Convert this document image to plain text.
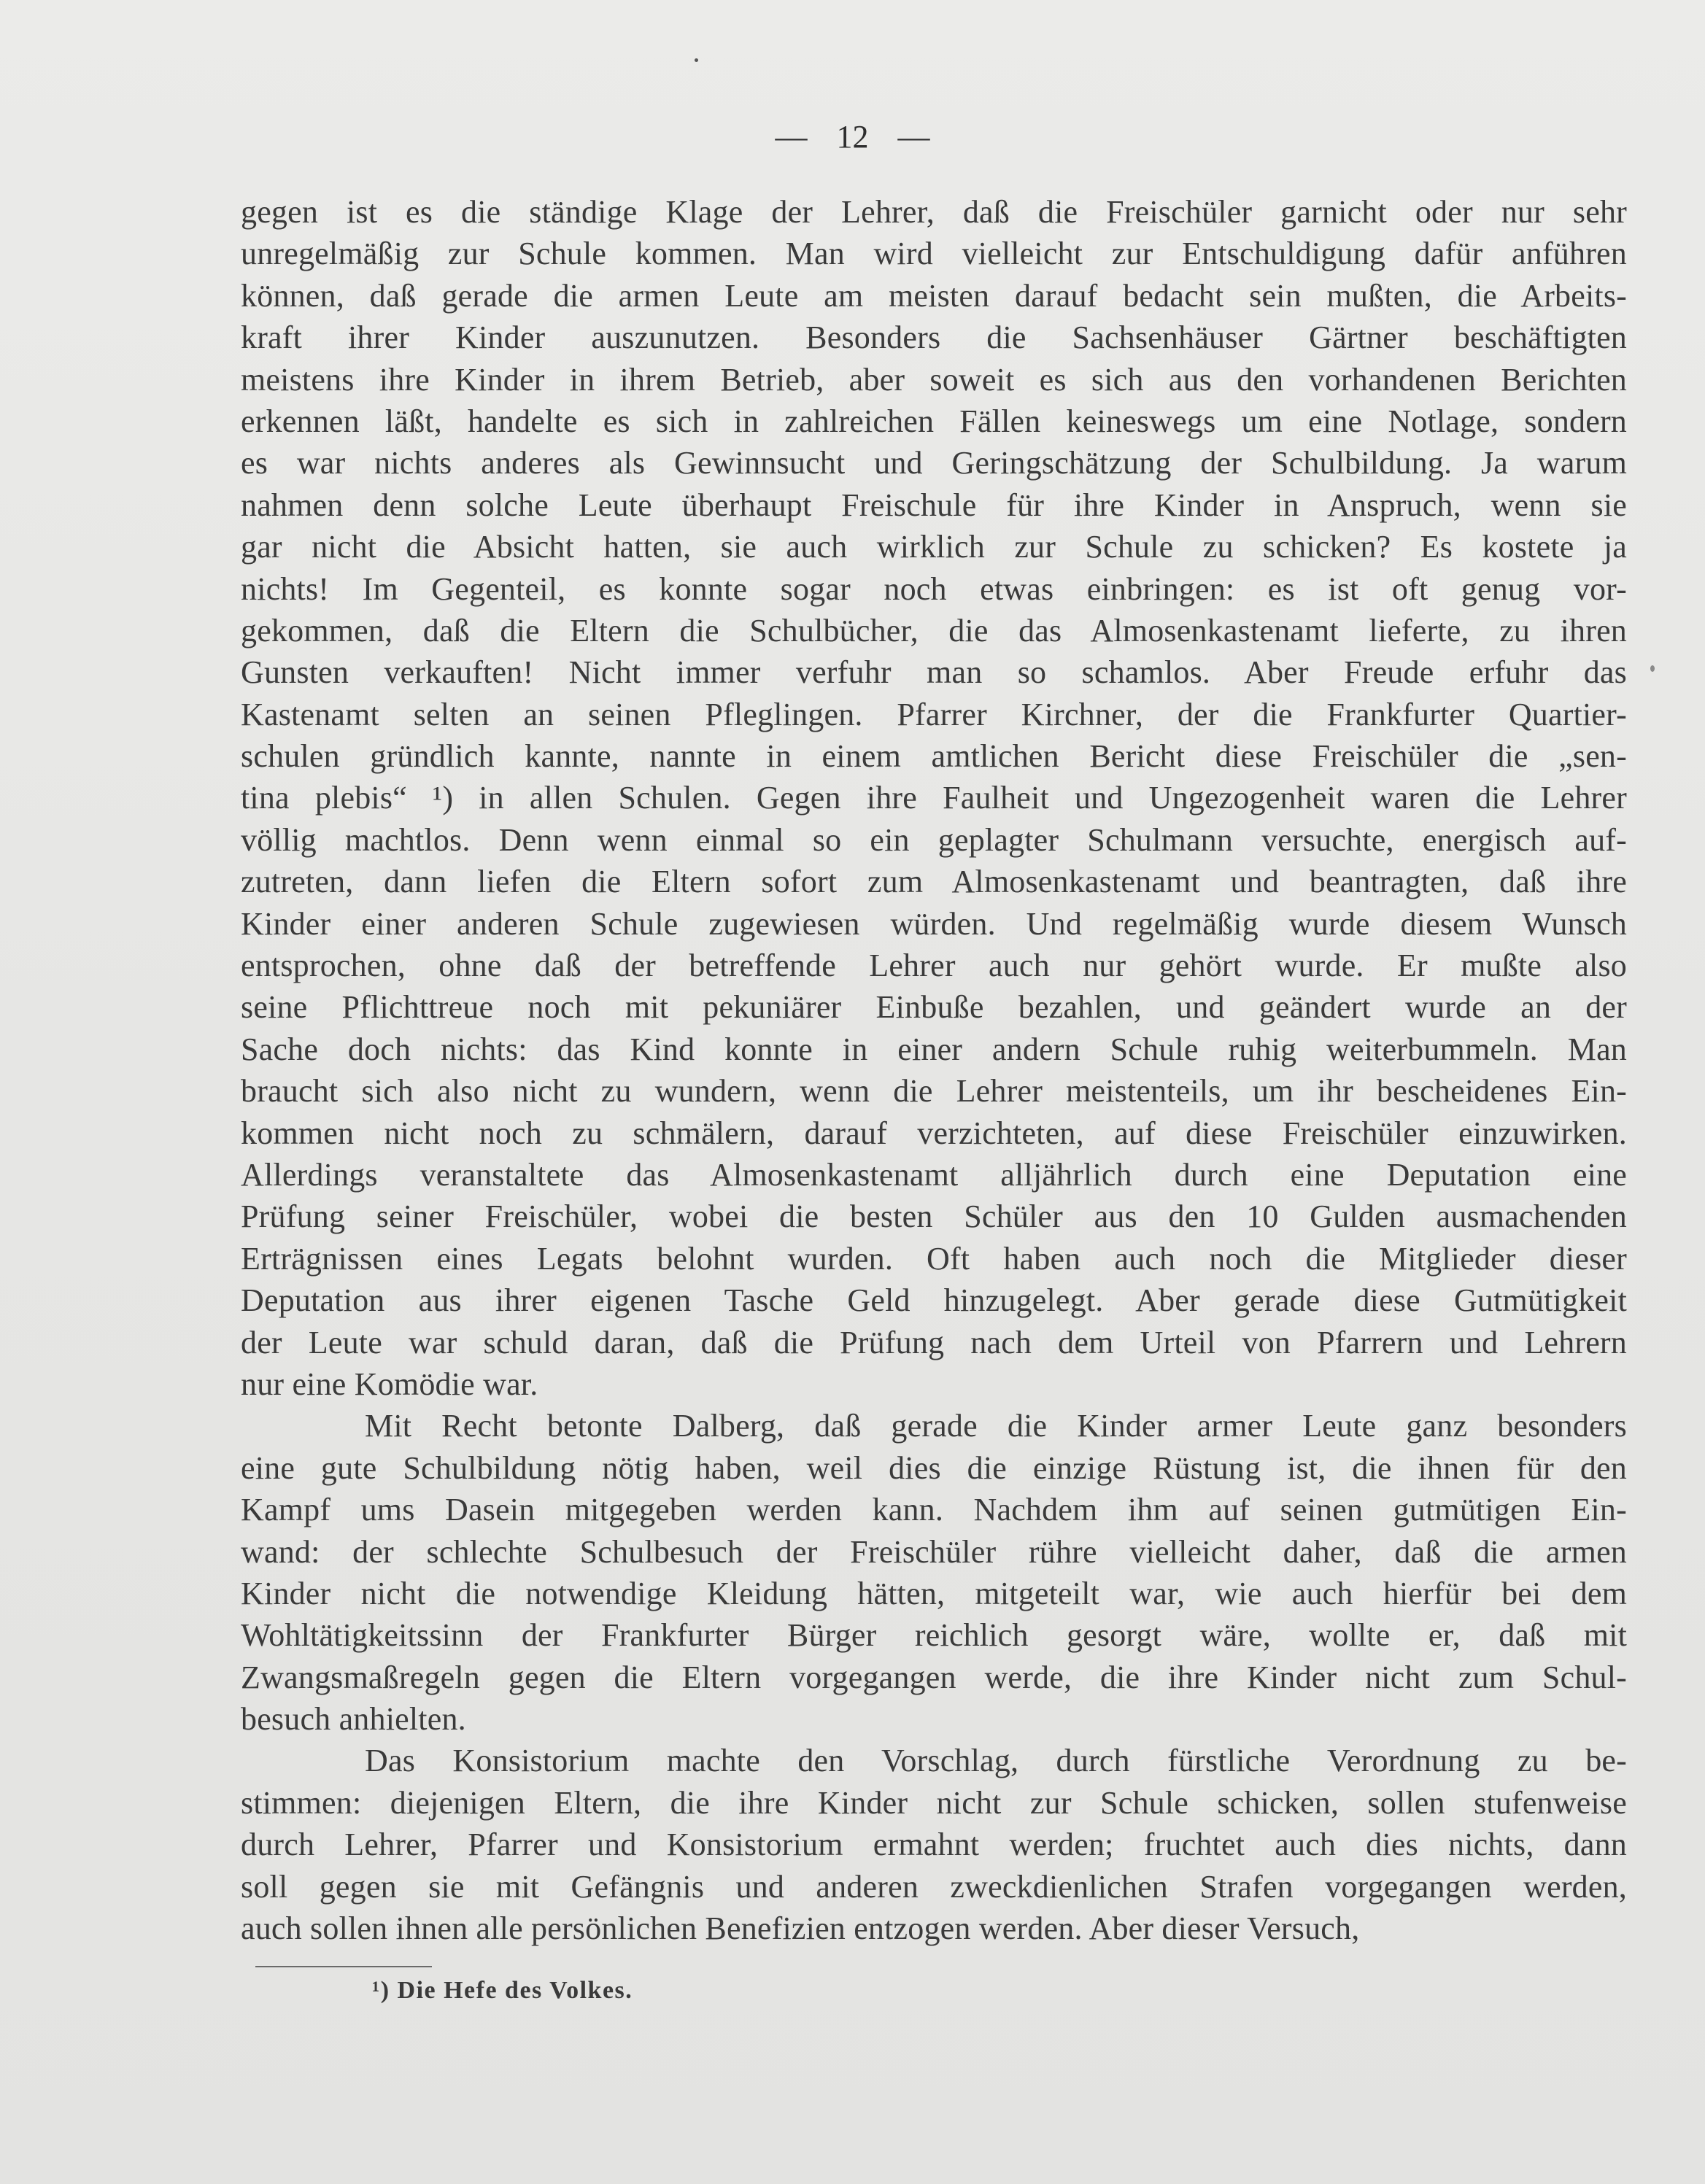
— 12 —
gegen ist es die ständige Klage der Lehrer, daß die Freischüler garnicht oder nur sehr
unregelmäßig zur Schule kommen. Man wird vielleicht zur Entschuldigung dafür anführen
können, daß gerade die armen Leute am meisten darauf bedacht sein mußten, die Arbeits-
kraft ihrer Kinder auszunutzen. Besonders die Sachsenhäuser Gärtner beschäftigten
meistens ihre Kinder in ihrem Betrieb, aber soweit es sich aus den vorhandenen Berichten
erkennen läßt, handelte es sich in zahlreichen Fällen keineswegs um eine Notlage, sondern
es war nichts anderes als Gewinnsucht und Geringschätzung der Schulbildung. Ja warum
nahmen denn solche Leute überhaupt Freischule für ihre Kinder in Anspruch, wenn sie
gar nicht die Absicht hatten, sie auch wirklich zur Schule zu schicken? Es kostete ja
nichts! Im Gegenteil, es konnte sogar noch etwas einbringen: es ist oft genug vor-
gekommen, daß die Eltern die Schulbücher, die das Almosenkastenamt lieferte, zu ihren
Gunsten verkauften! Nicht immer verfuhr man so schamlos. Aber Freude erfuhr das
Kastenamt selten an seinen Pfleglingen. Pfarrer Kirchner, der die Frankfurter Quartier-
schulen gründlich kannte, nannte in einem amtlichen Bericht diese Freischüler die „sen-
tina plebis“ ¹) in allen Schulen. Gegen ihre Faulheit und Ungezogenheit waren die Lehrer
völlig machtlos. Denn wenn einmal so ein geplagter Schulmann versuchte, energisch auf-
zutreten, dann liefen die Eltern sofort zum Almosenkastenamt und beantragten, daß ihre
Kinder einer anderen Schule zugewiesen würden. Und regelmäßig wurde diesem Wunsch
entsprochen, ohne daß der betreffende Lehrer auch nur gehört wurde. Er mußte also
seine Pflichttreue noch mit pekuniärer Einbuße bezahlen, und geändert wurde an der
Sache doch nichts: das Kind konnte in einer andern Schule ruhig weiterbummeln. Man
braucht sich also nicht zu wundern, wenn die Lehrer meistenteils, um ihr bescheidenes Ein-
kommen nicht noch zu schmälern, darauf verzichteten, auf diese Freischüler einzuwirken.
Allerdings veranstaltete das Almosenkastenamt alljährlich durch eine Deputation eine
Prüfung seiner Freischüler, wobei die besten Schüler aus den 10 Gulden ausmachenden
Erträgnissen eines Legats belohnt wurden. Oft haben auch noch die Mitglieder dieser
Deputation aus ihrer eigenen Tasche Geld hinzugelegt. Aber gerade diese Gutmütigkeit
der Leute war schuld daran, daß die Prüfung nach dem Urteil von Pfarrern und Lehrern
nur eine Komödie war.
Mit Recht betonte Dalberg, daß gerade die Kinder armer Leute ganz besonders
eine gute Schulbildung nötig haben, weil dies die einzige Rüstung ist, die ihnen für den
Kampf ums Dasein mitgegeben werden kann. Nachdem ihm auf seinen gutmütigen Ein-
wand: der schlechte Schulbesuch der Freischüler rühre vielleicht daher, daß die armen
Kinder nicht die notwendige Kleidung hätten, mitgeteilt war, wie auch hierfür bei dem
Wohltätigkeitssinn der Frankfurter Bürger reichlich gesorgt wäre, wollte er, daß mit
Zwangsmaßregeln gegen die Eltern vorgegangen werde, die ihre Kinder nicht zum Schul-
besuch anhielten.
Das Konsistorium machte den Vorschlag, durch fürstliche Verordnung zu be-
stimmen: diejenigen Eltern, die ihre Kinder nicht zur Schule schicken, sollen stufenweise
durch Lehrer, Pfarrer und Konsistorium ermahnt werden; fruchtet auch dies nichts, dann
soll gegen sie mit Gefängnis und anderen zweckdienlichen Strafen vorgegangen werden,
auch sollen ihnen alle persönlichen Benefizien entzogen werden. Aber dieser Versuch,
¹) Die Hefe des Volkes.
